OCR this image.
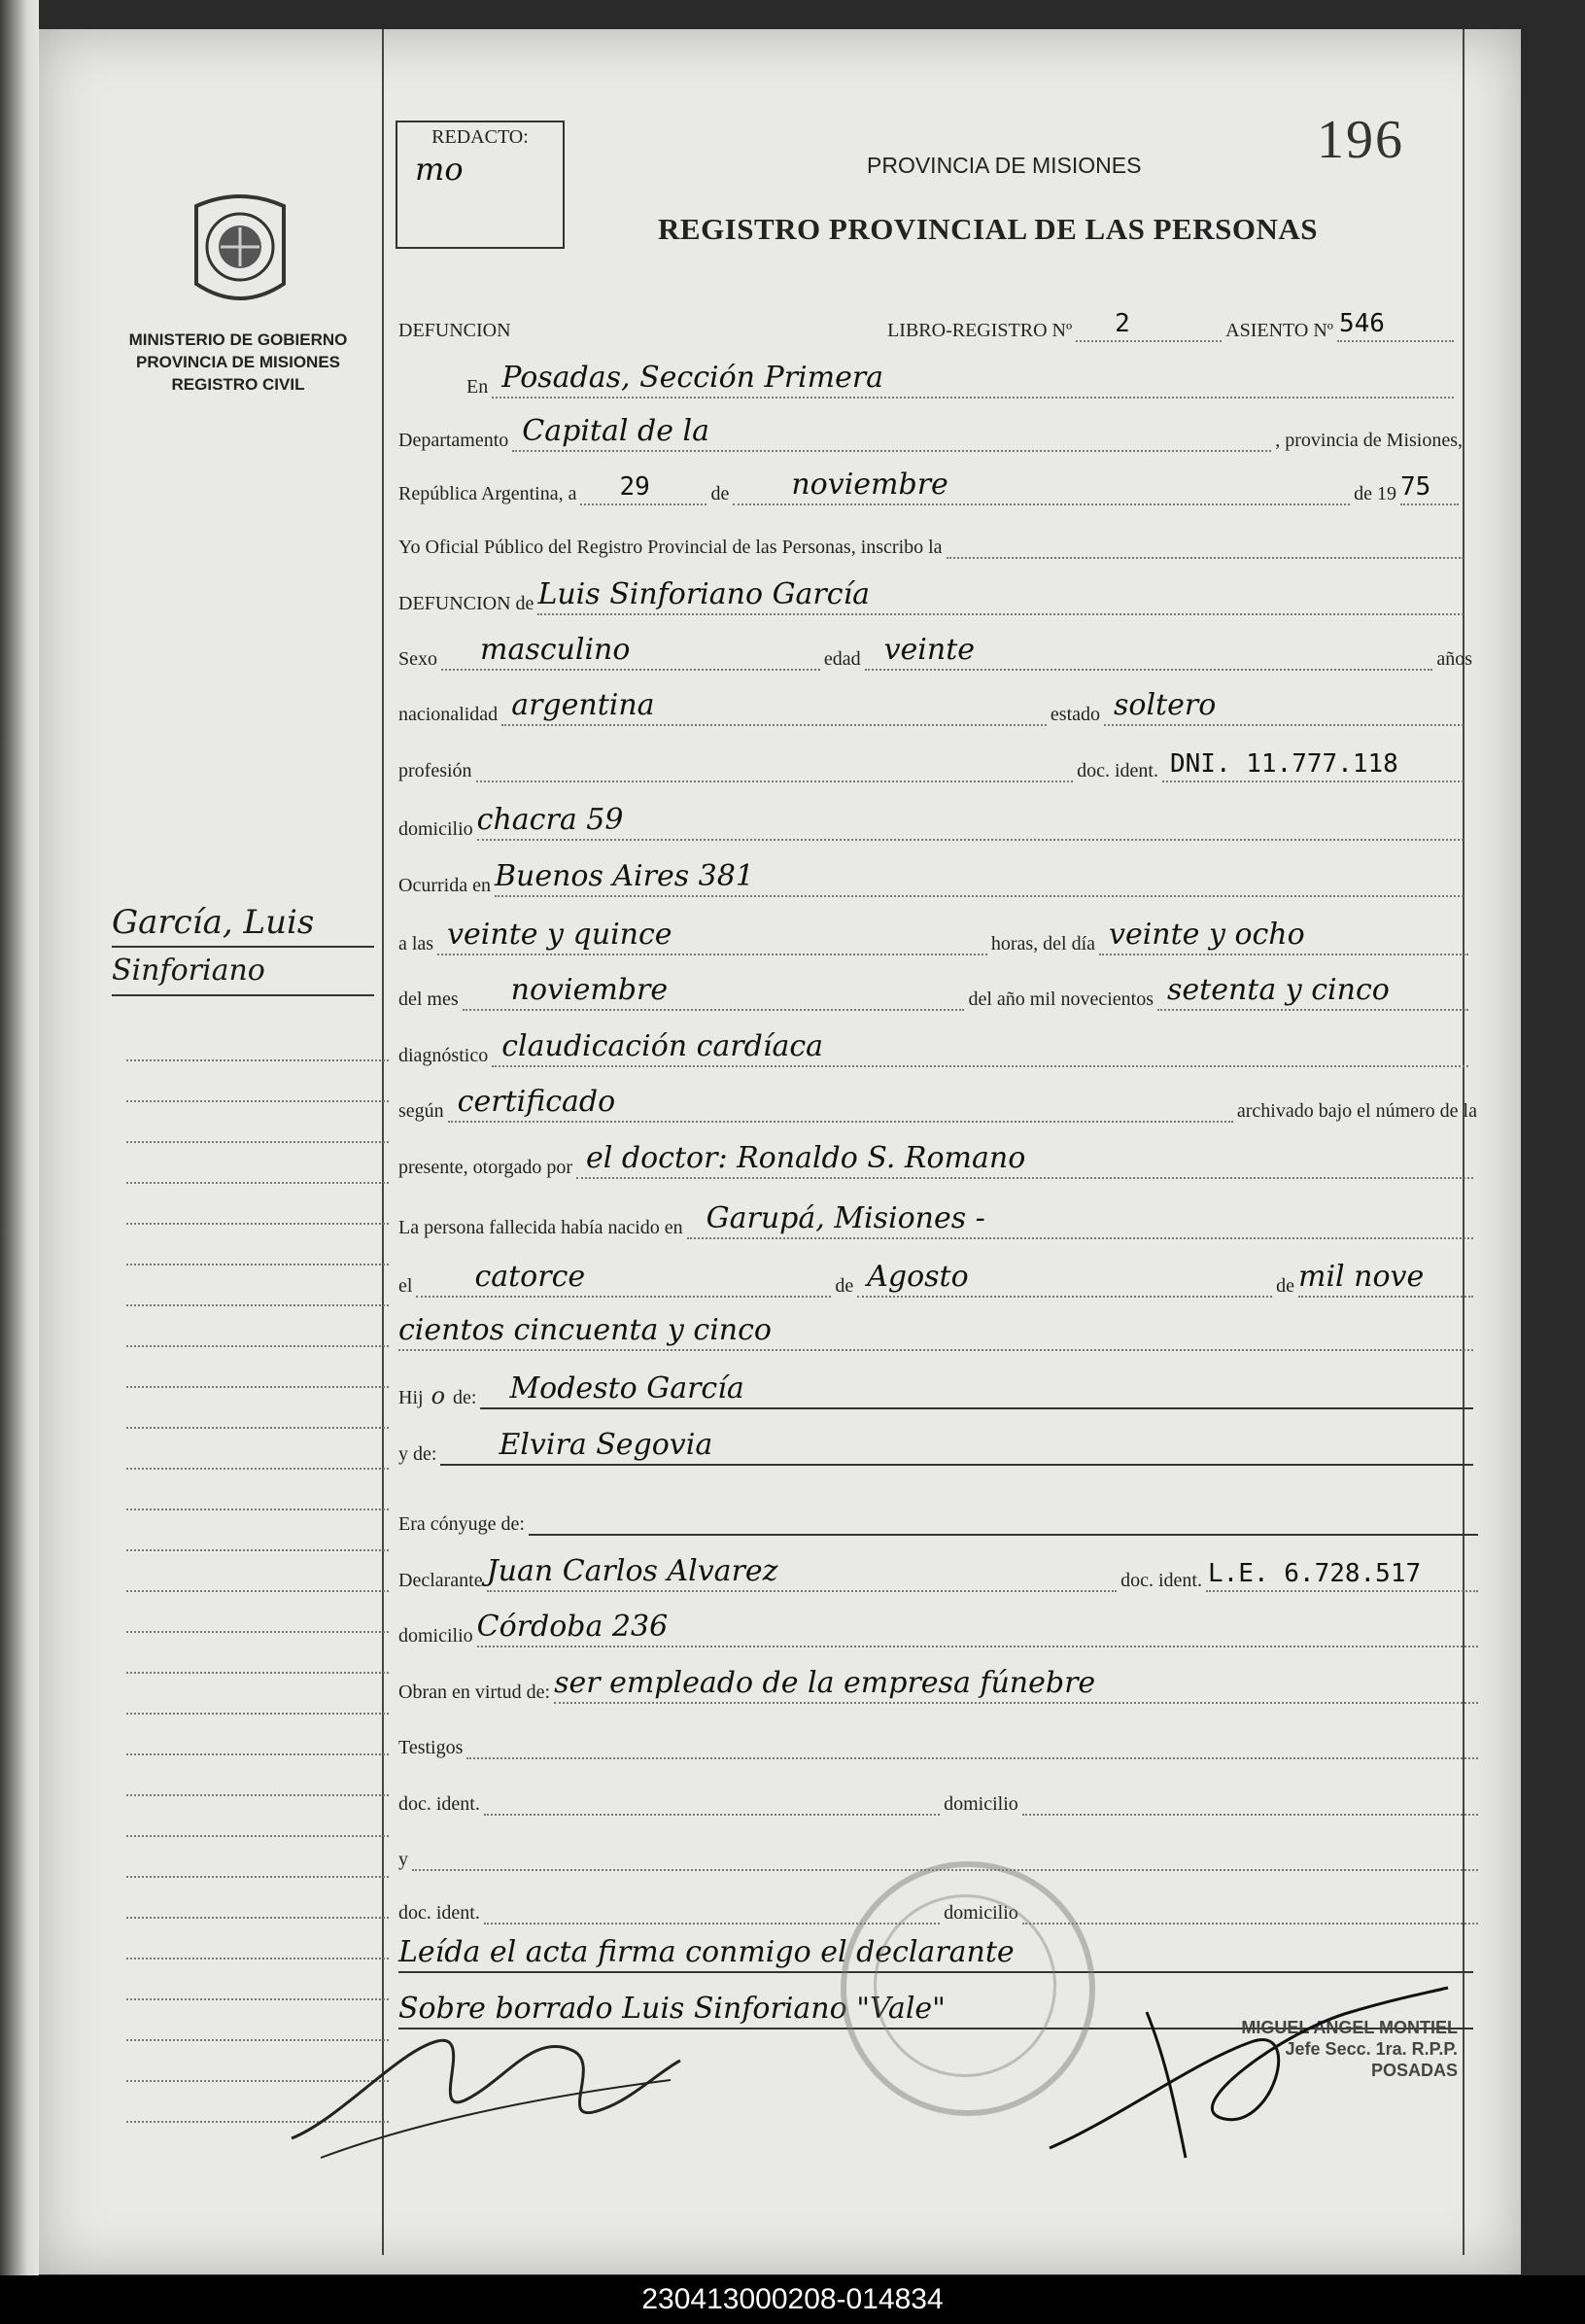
MINISTERIO DE GOBIERNO
PROVINCIA DE MISIONES
REGISTRO CIVIL
García, Luis
Sinforiano
REDACTO:
mo	196
PROVINCIA DE MISIONES
REGISTRO PROVINCIAL DE LAS PERSONAS
DEFUNCION	LIBRO-REGISTRO Nº 2	ASIENTO Nº 546
En Posadas, Sección Primera
Departamento Capital de la	, provincia de Misiones,
República Argentina, a 29	de noviembre	de 19 75
Yo Oficial Público del Registro Provincial de las Personas, inscribo la
DEFUNCION de Luis Sinforiano García
Sexo masculino	edad veinte	años
nacionalidad argentina	estado soltero
profesión	doc. ident. DNI. 11.777.118
domicilio chacra 59
Ocurrida en Buenos Aires 381
a las veinte y quince	horas, del día veinte y ocho
del mes noviembre	del año mil novecientos setenta y cinco
diagnóstico claudicación cardíaca
según certificado	archivado bajo el número de la
presente, otorgado por el doctor: Ronaldo S. Romano
La persona fallecida había nacido en Garupá, Misiones -
el catorce	de Agosto	de mil nove
cientos cincuenta y cinco
Hij o de: Modesto García
y de: Elvira Segovia
Era cónyuge de:
Declarante Juan Carlos Alvarez	doc. ident. L.E. 6.728.517
domicilio Córdoba 236
Obran en virtud de: ser empleado de la empresa fúnebre
Testigos
doc. ident.	domicilio
y
doc. ident.	domicilio
Leída el acta firma conmigo el declarante
Sobre borrado Luis Sinforiano "Vale"
MIGUEL ANGEL MONTIEL
Jefe Secc. 1ra. R.P.P.
POSADAS
230413000208-014834
